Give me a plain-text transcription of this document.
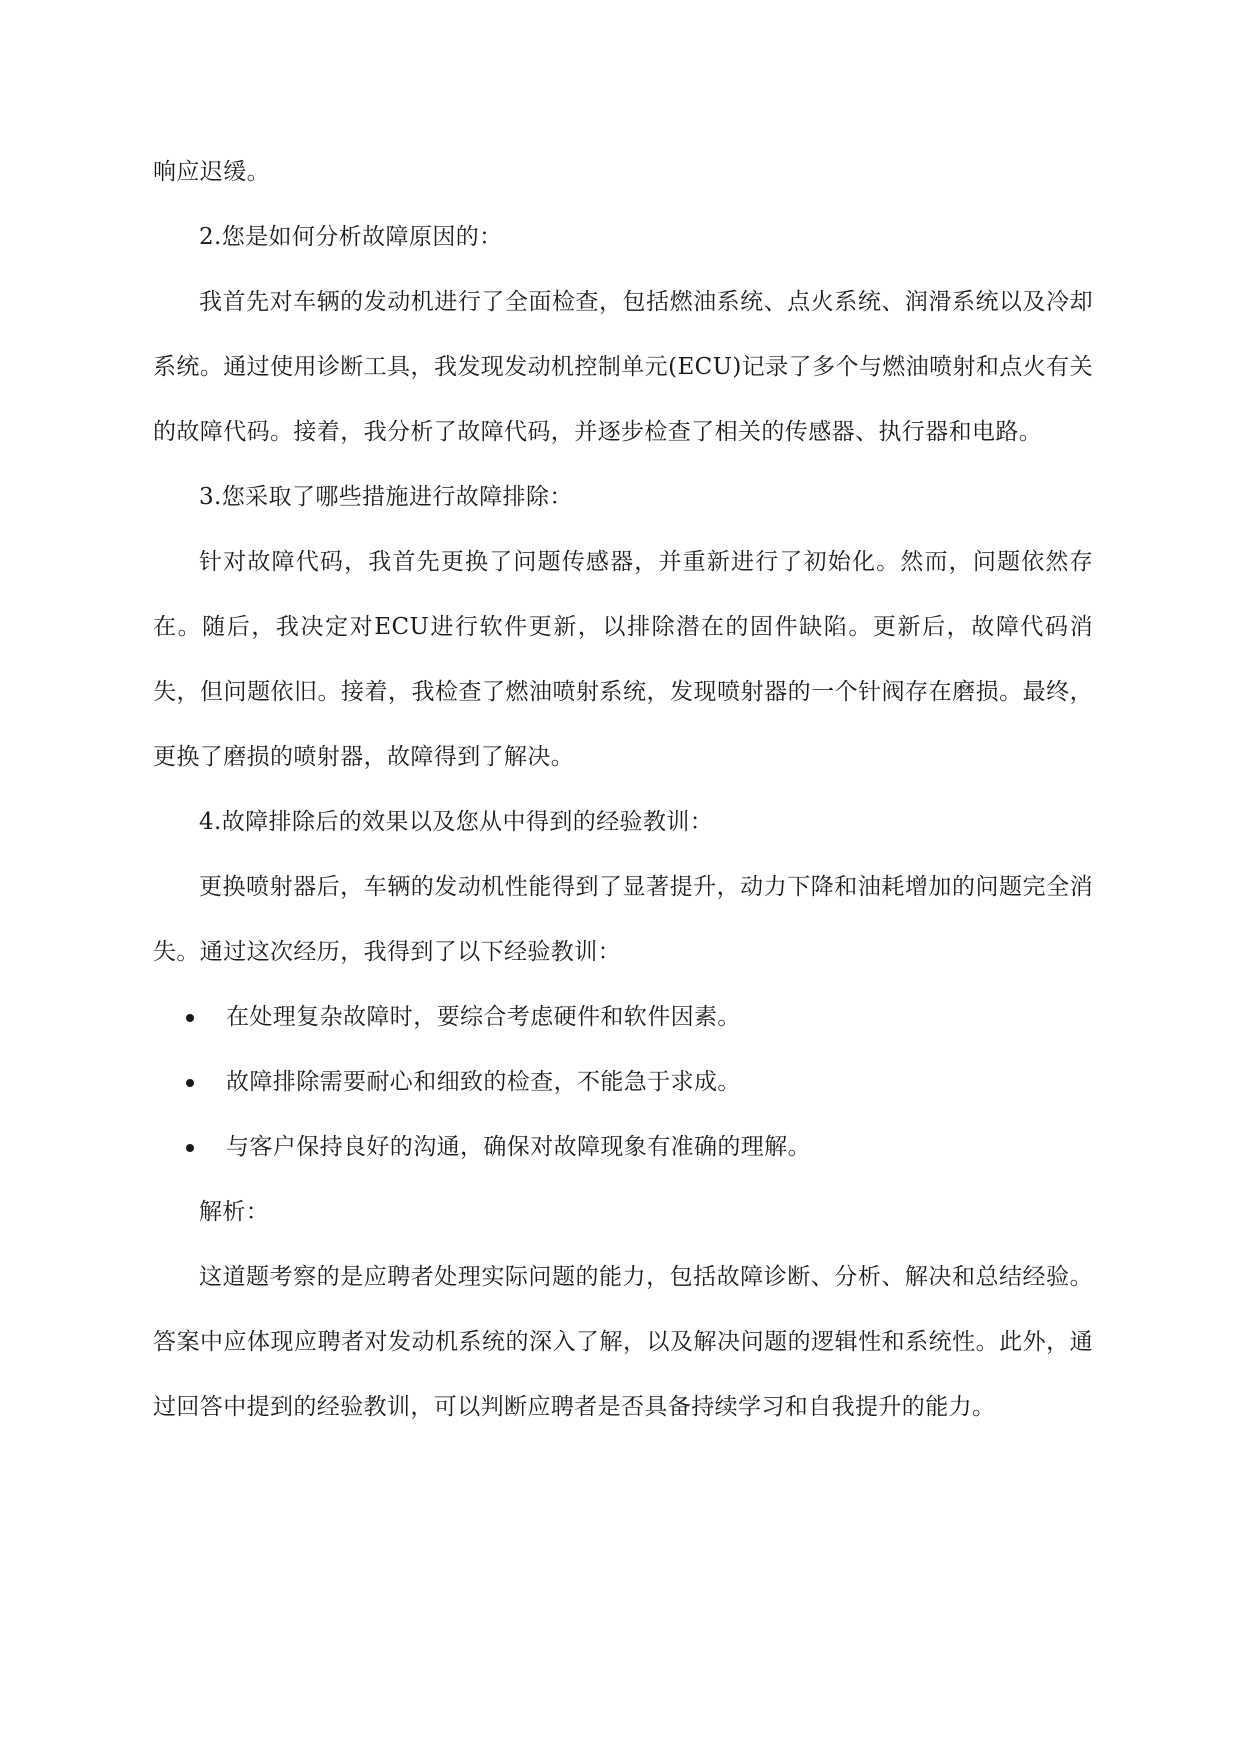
响应迟缓。

2.您是如何分析故障原因的：

我首先对车辆的发动机进行了全面检查，包括燃油系统、点火系统、润滑系统以及冷却系统。通过使用诊断工具，我发现发动机控制单元(ECU)记录了多个与燃油喷射和点火有关的故障代码。接着，我分析了故障代码，并逐步检查了相关的传感器、执行器和电路。

3.您采取了哪些措施进行故障排除：

针对故障代码，我首先更换了问题传感器，并重新进行了初始化。然而，问题依然存在。随后，我决定对ECU进行软件更新，以排除潜在的固件缺陷。更新后，故障代码消失，但问题依旧。接着，我检查了燃油喷射系统，发现喷射器的一个针阀存在磨损。最终，更换了磨损的喷射器，故障得到了解决。

4.故障排除后的效果以及您从中得到的经验教训：

更换喷射器后，车辆的发动机性能得到了显著提升，动力下降和油耗增加的问题完全消失。通过这次经历，我得到了以下经验教训：

在处理复杂故障时，要综合考虑硬件和软件因素。
故障排除需要耐心和细致的检查，不能急于求成。
与客户保持良好的沟通，确保对故障现象有准确的理解。

解析：

这道题考察的是应聘者处理实际问题的能力，包括故障诊断、分析、解决和总结经验。答案中应体现应聘者对发动机系统的深入了解，以及解决问题的逻辑性和系统性。此外，通过回答中提到的经验教训，可以判断应聘者是否具备持续学习和自我提升的能力。
